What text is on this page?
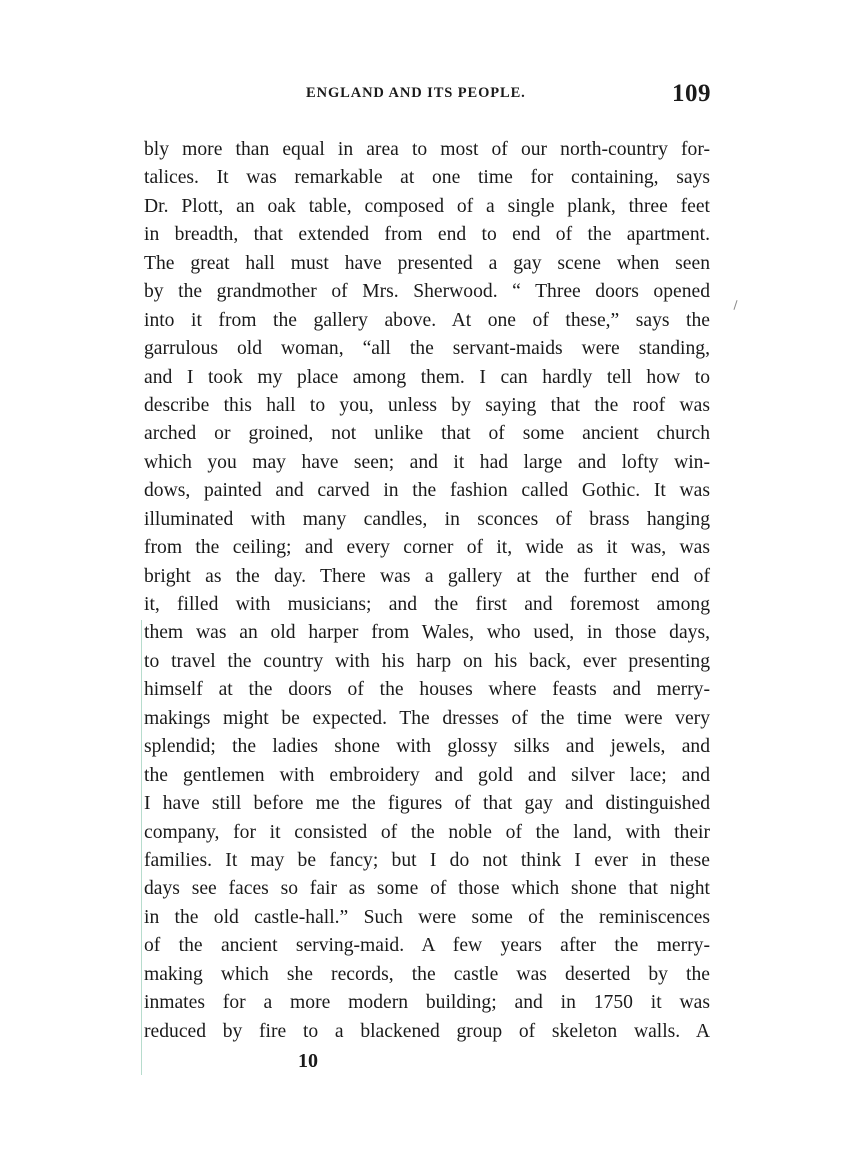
ENGLAND AND ITS PEOPLE.	109
bly more than equal in area to most of our north-country for-
talices. It was remarkable at one time for containing, says
Dr. Plott, an oak table, composed of a single plank, three feet
in breadth, that extended from end to end of the apartment.
The great hall must have presented a gay scene when seen
by the grandmother of Mrs. Sherwood. “ Three doors opened
into it from the gallery above. At one of these,” says the
garrulous old woman, “all the servant-maids were standing,
and I took my place among them. I can hardly tell how to
describe this hall to you, unless by saying that the roof was
arched or groined, not unlike that of some ancient church
which you may have seen; and it had large and lofty win-
dows, painted and carved in the fashion called Gothic. It was
illuminated with many candles, in sconces of brass hanging
from the ceiling; and every corner of it, wide as it was, was
bright as the day. There was a gallery at the further end of
it, filled with musicians; and the first and foremost among
them was an old harper from Wales, who used, in those days,
to travel the country with his harp on his back, ever presenting
himself at the doors of the houses where feasts and merry-
makings might be expected. The dresses of the time were very
splendid; the ladies shone with glossy silks and jewels, and
the gentlemen with embroidery and gold and silver lace; and
I have still before me the figures of that gay and distinguished
company, for it consisted of the noble of the land, with their
families. It may be fancy; but I do not think I ever in these
days see faces so fair as some of those which shone that night
in the old castle-hall.” Such were some of the reminiscences
of the ancient serving-maid. A few years after the merry-
making which she records, the castle was deserted by the
inmates for a more modern building; and in 1750 it was
reduced by fire to a blackened group of skeleton walls. A
10
